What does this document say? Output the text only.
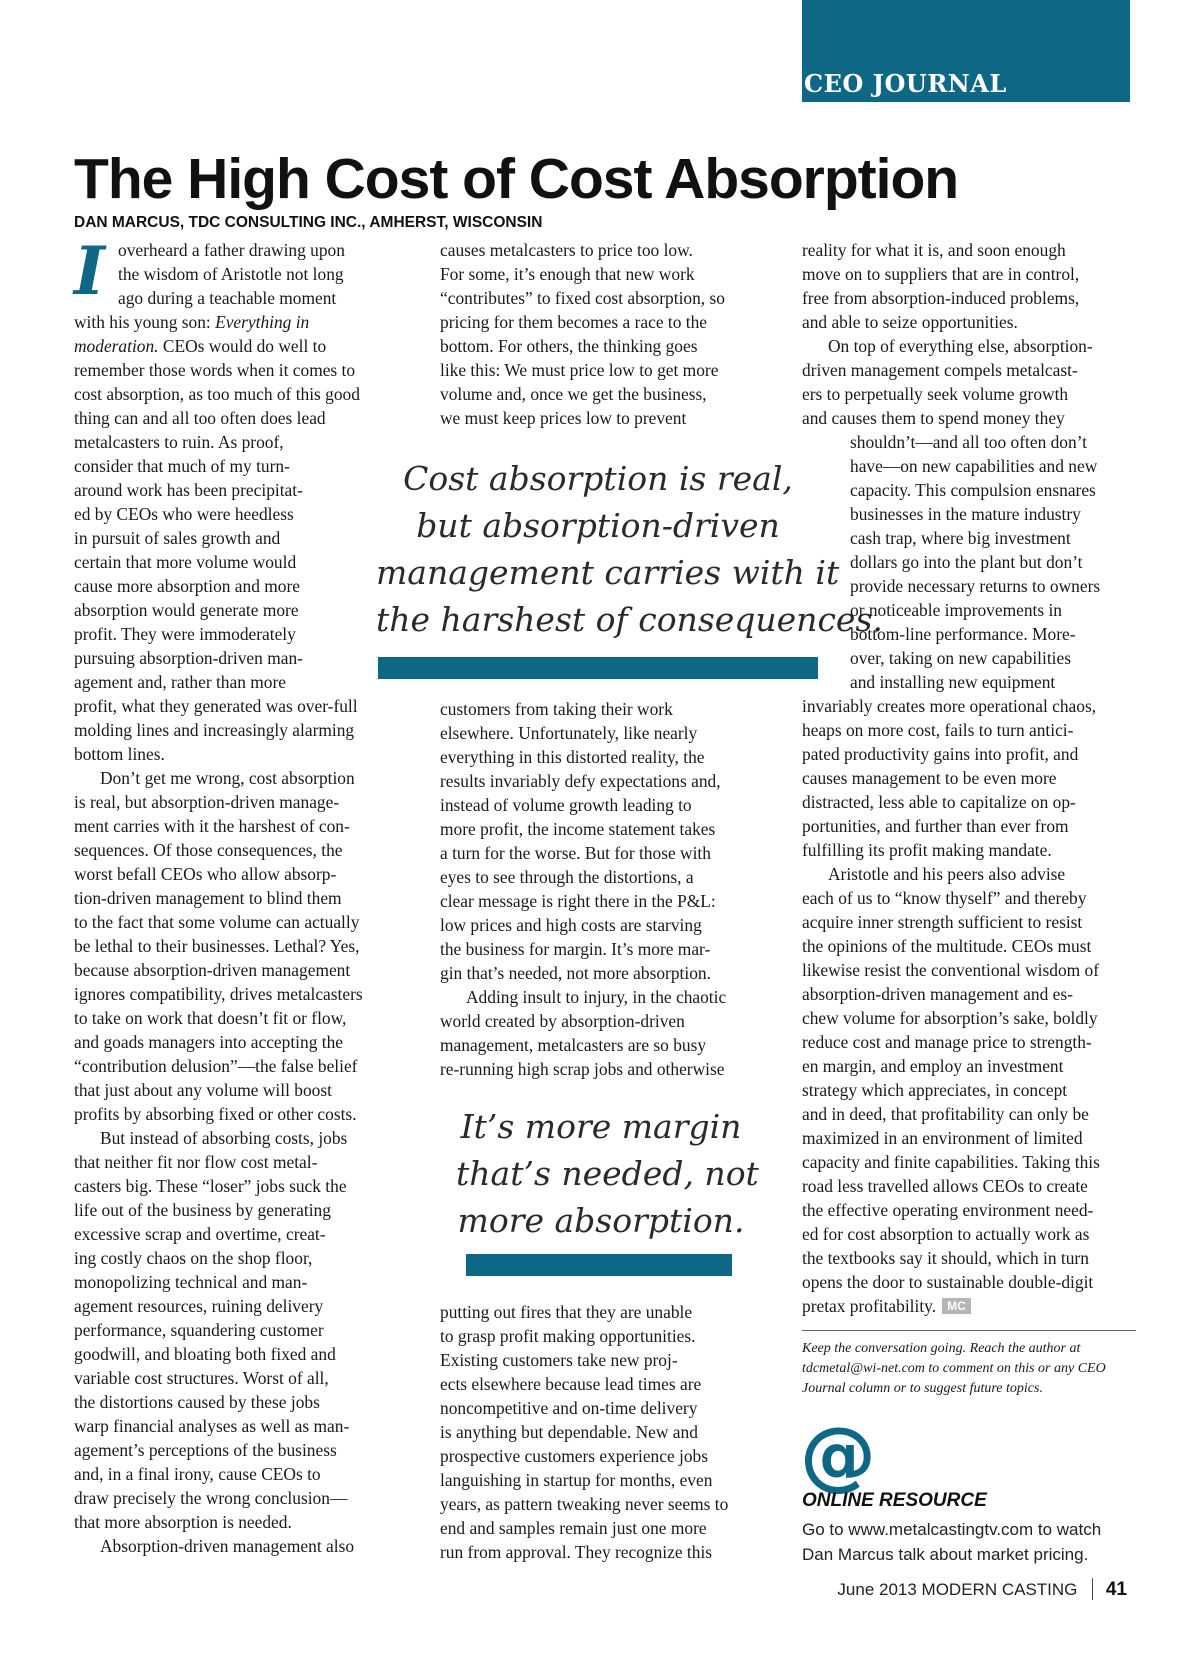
CEO JOURNAL
The High Cost of Cost Absorption
DAN MARCUS, TDC CONSULTING INC., AMHERST, WISCONSIN
I overheard a father drawing upon
the wisdom of Aristotle not long
ago during a teachable moment
with his young son: Everything in
moderation. CEOs would do well to
remember those words when it comes to
cost absorption, as too much of this good
thing can and all too often does lead
metalcasters to ruin. As proof,
consider that much of my turn-
around work has been precipitat-
ed by CEOs who were heedless
in pursuit of sales growth and
certain that more volume would
cause more absorption and more
absorption would generate more
profit. They were immoderately
pursuing absorption-driven man-
agement and, rather than more
profit, what they generated was over-full
molding lines and increasingly alarming
bottom lines.
Don’t get me wrong, cost absorption
is real, but absorption-driven manage-
ment carries with it the harshest of con-
sequences. Of those consequences, the
worst befall CEOs who allow absorp-
tion-driven management to blind them
to the fact that some volume can actually
be lethal to their businesses. Lethal? Yes,
because absorption-driven management
ignores compatibility, drives metalcasters
to take on work that doesn’t fit or flow,
and goads managers into accepting the
“contribution delusion”—the false belief
that just about any volume will boost
profits by absorbing fixed or other costs.
But instead of absorbing costs, jobs
that neither fit nor flow cost metal-
casters big. These “loser” jobs suck the
life out of the business by generating
excessive scrap and overtime, creat-
ing costly chaos on the shop floor,
monopolizing technical and man-
agement resources, ruining delivery
performance, squandering customer
goodwill, and bloating both fixed and
variable cost structures. Worst of all,
the distortions caused by these jobs
warp financial analyses as well as man-
agement’s perceptions of the business
and, in a final irony, cause CEOs to
draw precisely the wrong conclusion—
that more absorption is needed.
Absorption-driven management also
causes metalcasters to price too low.
For some, it’s enough that new work
“contributes” to fixed cost absorption, so
pricing for them becomes a race to the
bottom. For others, the thinking goes
like this: We must price low to get more
volume and, once we get the business,
we must keep prices low to prevent
Cost absorption is real,
but absorption-driven
management carries with it
the harshest of consequences.
customers from taking their work
elsewhere. Unfortunately, like nearly
everything in this distorted reality, the
results invariably defy expectations and,
instead of volume growth leading to
more profit, the income statement takes
a turn for the worse. But for those with
eyes to see through the distortions, a
clear message is right there in the P&L:
low prices and high costs are starving
the business for margin. It’s more mar-
gin that’s needed, not more absorption.
Adding insult to injury, in the chaotic
world created by absorption-driven
management, metalcasters are so busy
re-running high scrap jobs and otherwise
It’s more margin
that’s needed, not
more absorption.
putting out fires that they are unable
to grasp profit making opportunities.
Existing customers take new proj-
ects elsewhere because lead times are
noncompetitive and on-time delivery
is anything but dependable. New and
prospective customers experience jobs
languishing in startup for months, even
years, as pattern tweaking never seems to
end and samples remain just one more
run from approval. They recognize this
reality for what it is, and soon enough
move on to suppliers that are in control,
free from absorption-induced problems,
and able to seize opportunities.
On top of everything else, absorption-
driven management compels metalcast-
ers to perpetually seek volume growth
and causes them to spend money they
shouldn’t—and all too often don’t
have—on new capabilities and new
capacity. This compulsion ensnares
businesses in the mature industry
cash trap, where big investment
dollars go into the plant but don’t
provide necessary returns to owners
or noticeable improvements in
bottom-line performance. More-
over, taking on new capabilities
and installing new equipment
invariably creates more operational chaos,
heaps on more cost, fails to turn antici-
pated productivity gains into profit, and
causes management to be even more
distracted, less able to capitalize on op-
portunities, and further than ever from
fulfilling its profit making mandate.
Aristotle and his peers also advise
each of us to “know thyself” and thereby
acquire inner strength sufficient to resist
the opinions of the multitude. CEOs must
likewise resist the conventional wisdom of
absorption-driven management and es-
chew volume for absorption’s sake, boldly
reduce cost and manage price to strength-
en margin, and employ an investment
strategy which appreciates, in concept
and in deed, that profitability can only be
maximized in an environment of limited
capacity and finite capabilities. Taking this
road less travelled allows CEOs to create
the effective operating environment need-
ed for cost absorption to actually work as
the textbooks say it should, which in turn
opens the door to sustainable double-digit
pretax profitability. MC
Keep the conversation going. Reach the author at
tdcmetal@wi-net.com to comment on this or any CEO
Journal column or to suggest future topics.
@
ONLINE RESOURCE
Go to www.metalcastingtv.com to watch
Dan Marcus talk about market pricing.
June 2013 MODERN CASTING 41
